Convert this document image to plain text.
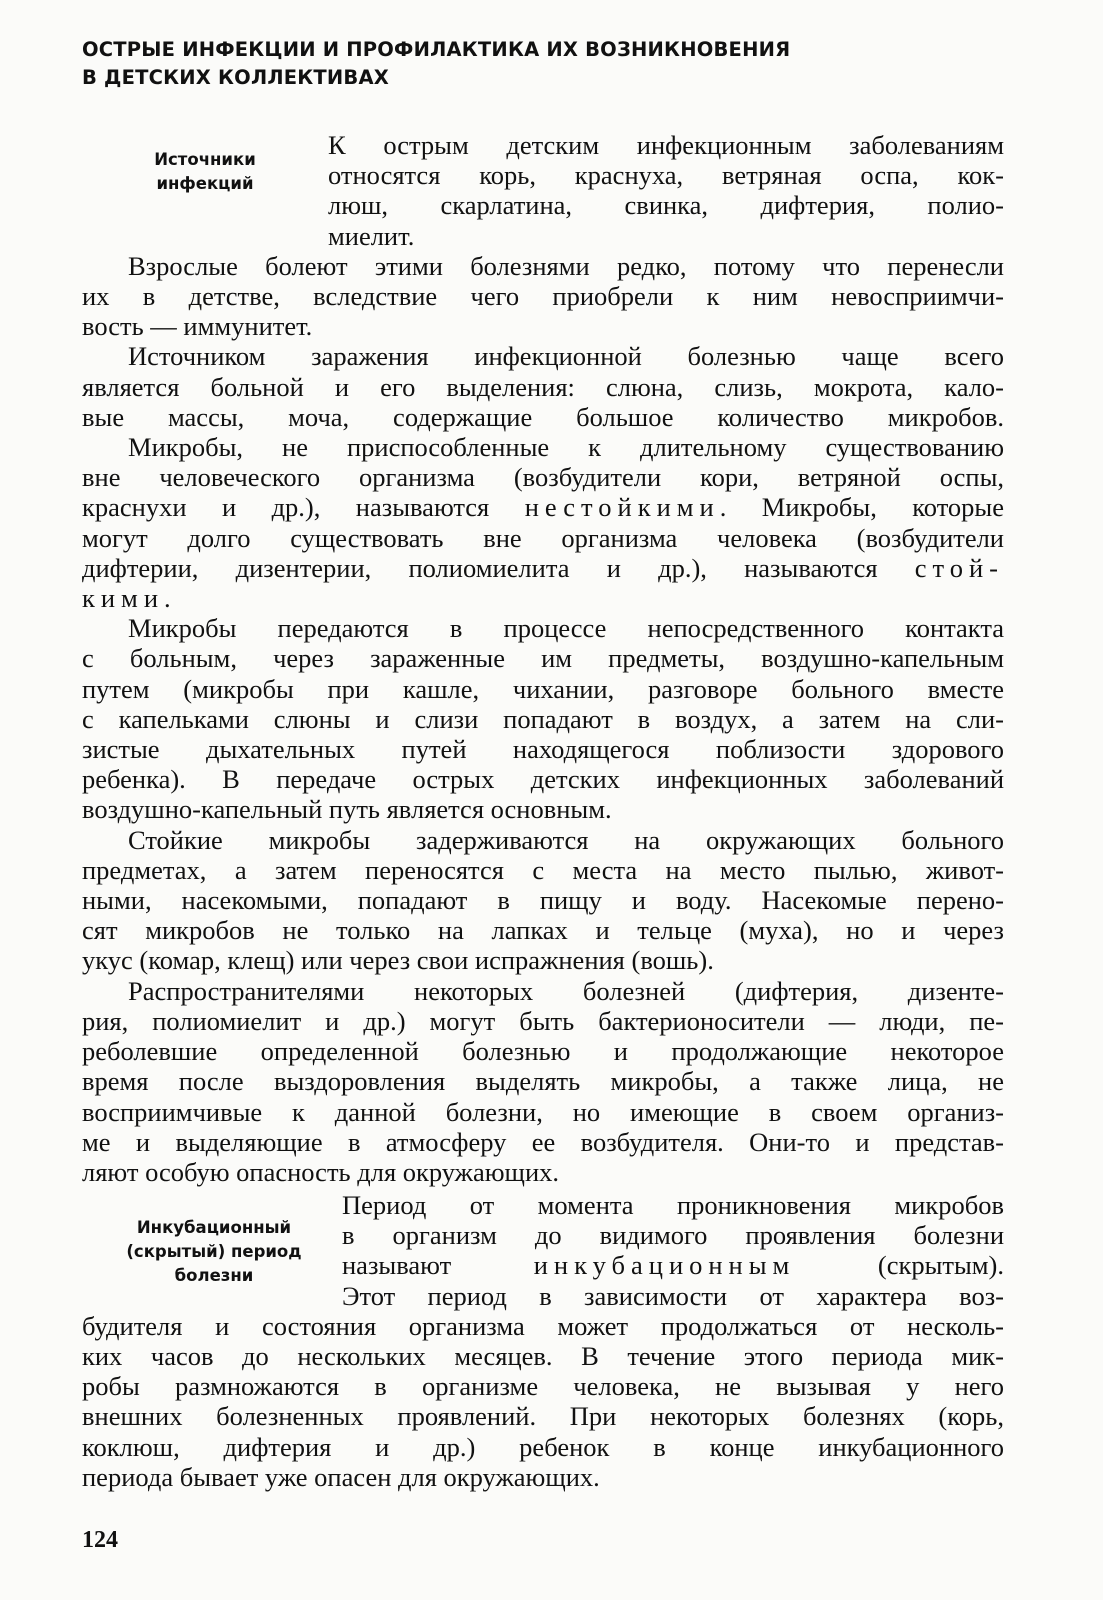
ОСТРЫЕ ИНФЕКЦИИ И ПРОФИЛАКТИКА ИХ ВОЗНИКНОВЕНИЯ
В ДЕТСКИХ КОЛЛЕКТИВАХ
Источники
инфекций
Инкубационный
(скрытый) период
болезни
К острым детским инфекционным заболеваниям
относятся корь, краснуха, ветряная оспа, кок-
люш, скарлатина, свинка, дифтерия, полио-
миелит.
Взрослые болеют этими болезнями редко, потому что перенесли
их в детстве, вследствие чего приобрели к ним невосприимчи-
вость — иммунитет.
Источником заражения инфекционной болезнью чаще всего
является больной и его выделения: слюна, слизь, мокрота, кало-
вые массы, моча, содержащие большое количество микробов.
Микробы, не приспособленные к длительному существованию
вне человеческого организма (возбудители кори, ветряной оспы,
краснухи и др.), называются нестойкими. Микробы, которые
могут долго существовать вне организма человека (возбудители
дифтерии, дизентерии, полиомиелита и др.), называются стой-
кими.
Микробы передаются в процессе непосредственного контакта
с больным, через зараженные им предметы, воздушно-капельным
путем (микробы при кашле, чихании, разговоре больного вместе
с капельками слюны и слизи попадают в воздух, а затем на сли-
зистые дыхательных путей находящегося поблизости здорового
ребенка). В передаче острых детских инфекционных заболеваний
воздушно-капельный путь является основным.
Стойкие микробы задерживаются на окружающих больного
предметах, а затем переносятся с места на место пылью, живот-
ными, насекомыми, попадают в пищу и воду. Насекомые перено-
сят микробов не только на лапках и тельце (муха), но и через
укус (комар, клещ) или через свои испражнения (вошь).
Распространителями некоторых болезней (дифтерия, дизенте-
рия, полиомиелит и др.) могут быть бактерионосители — люди, пе-
реболевшие определенной болезнью и продолжающие некоторое
время после выздоровления выделять микробы, а также лица, не
восприимчивые к данной болезни, но имеющие в своем организ-
ме и выделяющие в атмосферу ее возбудителя. Они-то и представ-
ляют особую опасность для окружающих.
Период от момента проникновения микробов
в организм до видимого проявления болезни
называют инкубационным (скрытым).
Этот период в зависимости от характера воз-
будителя и состояния организма может продолжаться от несколь-
ких часов до нескольких месяцев. В течение этого периода мик-
робы размножаются в организме человека, не вызывая у него
внешних болезненных проявлений. При некоторых болезнях (корь,
коклюш, дифтерия и др.) ребенок в конце инкубационного
периода бывает уже опасен для окружающих.
124
